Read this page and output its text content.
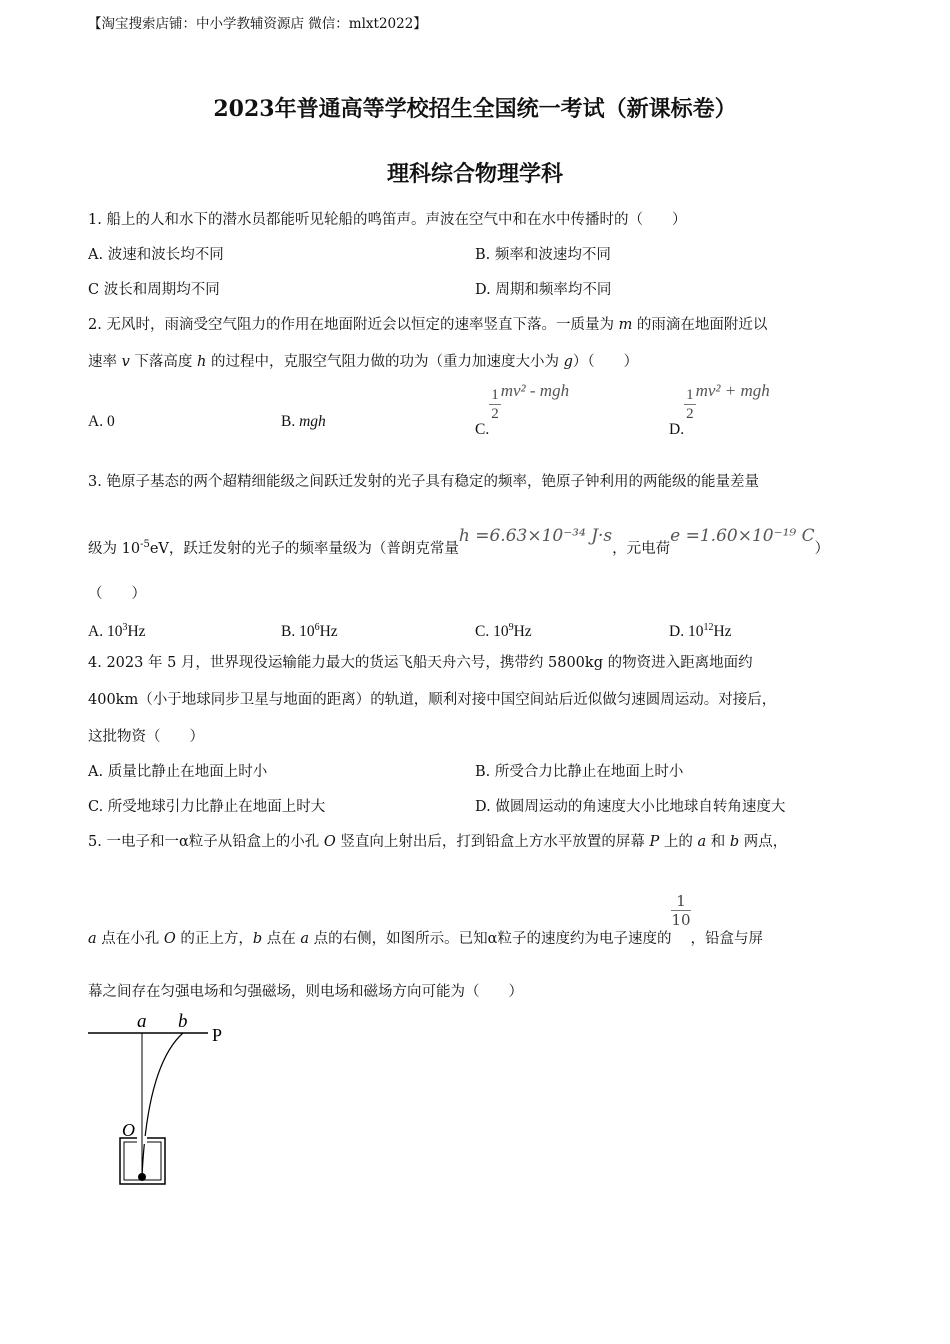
【淘宝搜索店铺：中小学教辅资源店 微信：mlxt2022】
2023年普通高等学校招生全国统一考试（新课标卷）
理科综合物理学科
1. 船上的人和水下的潜水员都能听见轮船的鸣笛声。声波在空气中和在水中传播时的（　　）
A. 波速和波长均不同	B. 频率和波速均不同
C 波长和周期均不同	D. 周期和频率均不同
2. 无风时，雨滴受空气阻力的作用在地面附近会以恒定的速率竖直下落。一质量为 m 的雨滴在地面附近以
速率 v 下落高度 h 的过程中，克服空气阻力做的功为（重力加速度大小为 g）（　　）
A. 0	B. mgh	C.
$\frac{1}{2} mv^2$ - mgh
D.
$\frac{1}{2} mv^2$ + mgh
3. 铯原子基态的两个超精细能级之间跃迁发射的光子具有稳定的频率，铯原子钟利用的两能级的能量差量
级为 $10^{-5}eV$，跃迁发射的光子的频率量级为（普朗克常量h =6.63×10⁻³⁴ J·s，元电荷e =1.60×10⁻¹⁹ C）
（　　）
A. $10^3Hz$	B. $10^6Hz$	C. $10^9Hz$	D. $10^{12}Hz$
4. 2023 年 5 月，世界现役运输能力最大的货运飞船天舟六号，携带约 5800kg 的物资进入距离地面约
400km（小于地球同步卫星与地面的距离）的轨道，顺利对接中国空间站后近似做匀速圆周运动。对接后，
这批物资（　　）
A. 质量比静止在地面上时小	B. 所受合力比静止在地面上时小
C. 所受地球引力比静止在地面上时大	D. 做圆周运动的角速度大小比地球自转角速度大
5. 一电子和一α粒子从铅盒上的小孔 O 竖直向上射出后，打到铅盒上方水平放置的屏幕 P 上的 a 和 b 两点，
a 点在小孔 O 的正上方，b 点在 a 点的右侧，如图所示。已知α粒子的速度约为电子速度的
$\frac{1}{10}$
，铅盒与屏
幕之间存在匀强电场和匀强磁场，则电场和磁场方向可能为（　　）
a b
P
O
